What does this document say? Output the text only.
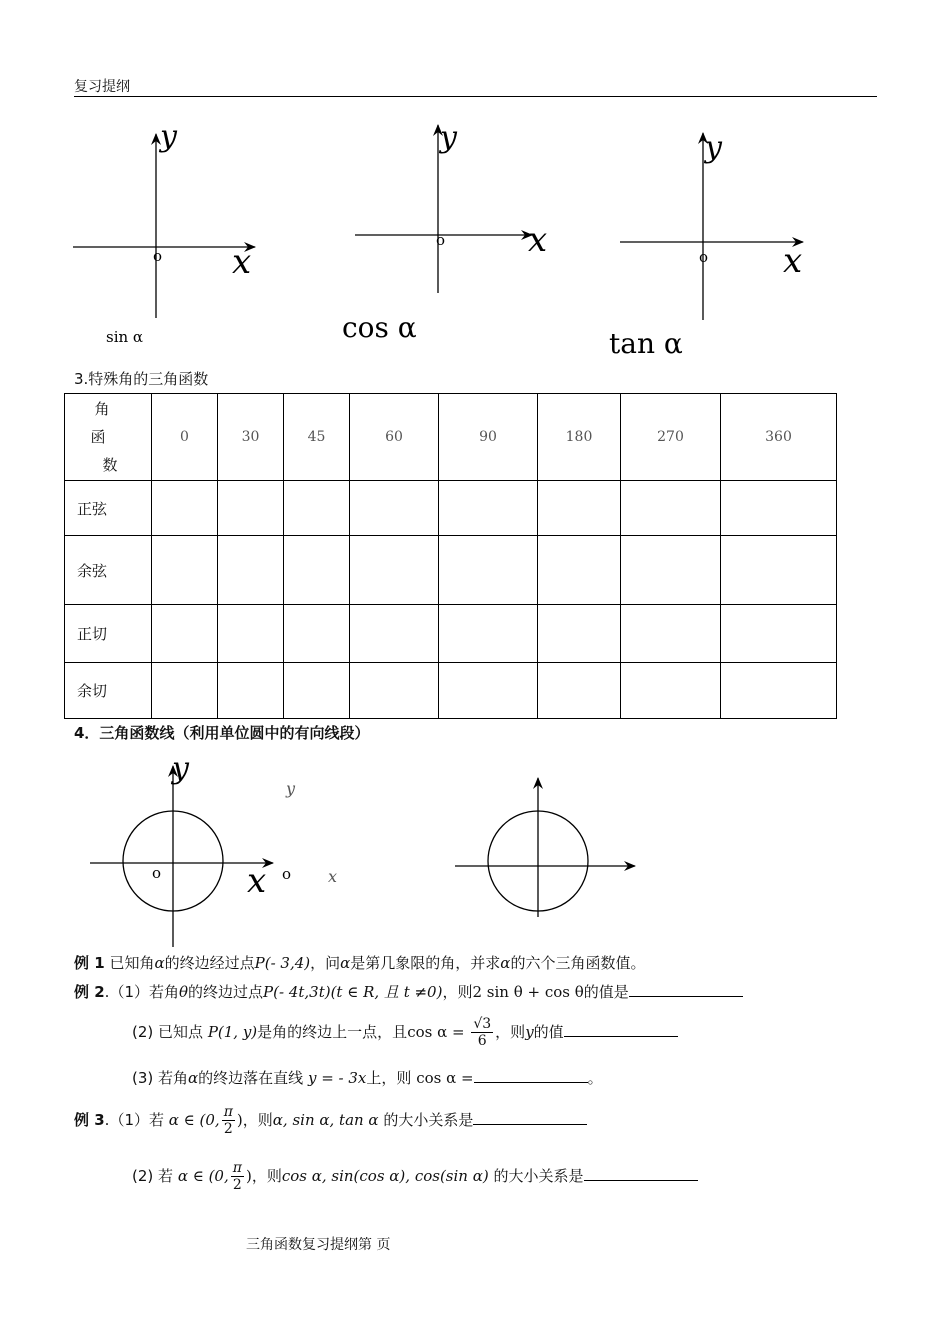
复习提纲
y
x
o
sin α
y
x
o
cos α
y
x
o
tan α
3.特殊角的三角函数
角
函
数	0	30	45	60	90	180	270	360
正弦								
余弦								
正切								
余切								
4．三角函数线（利用单位圆中的有向线段）
y
x
o	o
y
x
例 1 已知角α的终边经过点P(- 3,4)，问α是第几象限的角，并求α的六个三角函数值。
例 2.（1）若角θ的终边过点P(- 4t,3t)(t ∈ R, 且 t ≠0)，则2 sin θ + cos θ的值是
(2) 已知点 P(1, y)是角的终边上一点，且$\cos \alpha = \frac{√3}{6}$ ，则y的值
(3) 若角α的终边落在直线 y = - 3x上，则 cos α =	。
例 3.（1）若 α ∈ (0, $\frac{\pi}{2}$ )，则α, sin α, tan α 的大小关系是
(2) 若 α ∈ (0, $\frac{\pi}{2}$ )，则cos α, sin(cos α), cos(sin α) 的大小关系是
三角函数复习提纲第 页
